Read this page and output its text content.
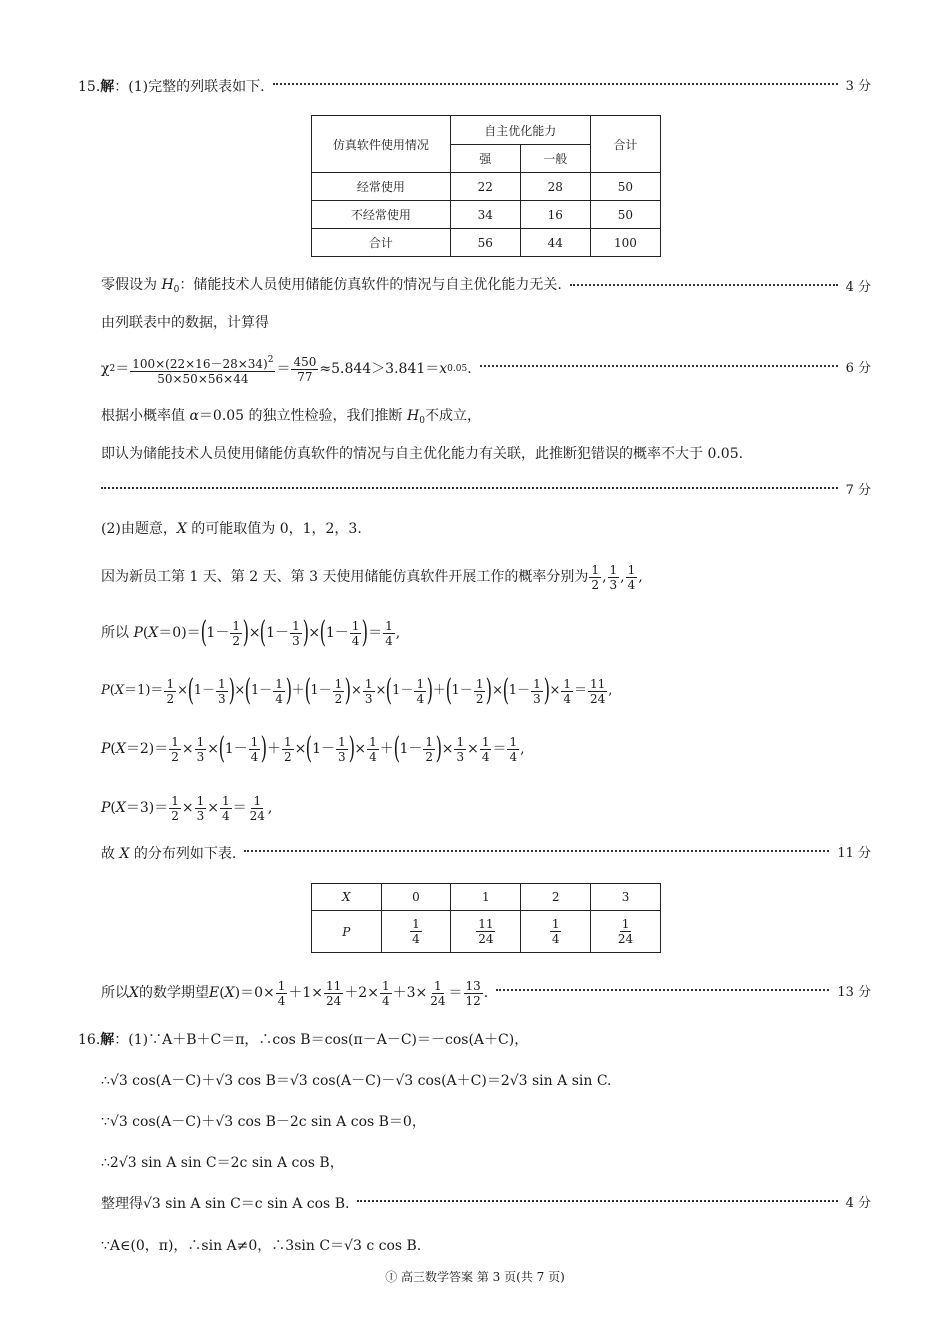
15. 解 ：(1)完整的列联表如下.	3 分
仿真软件使用情况	自主优化能力		合计
	强	一般	
经常使用	22	28	50
不经常使用	34	16	50
合计	56	44	100
零假设为 $H_0$：储能技术人员使用储能仿真软件的情况与自主优化能力无关.	4 分
由列联表中的数据，计算得
χ $2 = \frac{100\times(22\times 16-28\times 34)^2}{50\times 50\times 56\times 44} = \frac{450}{77} \approx 5.844>3.841= x$ 0.05 .	6 分
根据小概率值 α＝0.05 的独立性检验，我们推断 $H_0$不成立，
即认为储能技术人员使用储能仿真软件的情况与自主优化能力有关联，此推断犯错误的概率不大于 0.05.
7 分
(2)由题意，X 的可能取值为 0，1，2，3.
因为新员工第 1 天、第 2 天、第 3 天使用储能仿真软件开展工作的概率分别为 $\frac{1}{2}$ , $\frac{1}{3}$ , $\frac{1}{4}$ ,
所以 P ( X ＝0)＝ ( $1- \frac{1}{2}$ ) × ( $1- \frac{1}{3}$ ) × ( $1- \frac{1}{4}$ ) ＝ $\frac{1}{4}$ ,
P ( $X =1)= \frac{1}{2}$ × ( $1- \frac{1}{3}$ ) × ( $1- \frac{1}{4}$ ) ＋ ( $1- \frac{1}{2}$ ) × $\frac{1}{3}$ × ( $1- \frac{1}{4}$ ) ＋ ( $1- \frac{1}{2}$ ) × ( $1- \frac{1}{3}$ ) × $\frac{1}{4} = \frac{11}{24}$ ,
P ( $X =2)= \frac{1}{2} \times \frac{1}{3}$ × ( $1- \frac{1}{4}$ ) ＋ $\frac{1}{2}$ × ( $1- \frac{1}{3}$ ) × $\frac{1}{4}$ ＋ ( $1- \frac{1}{2}$ ) × $\frac{1}{3} \times \frac{1}{4} = \frac{1}{4}$ ,
P ( $X =3)= \frac{1}{2} \times \frac{1}{3} \times \frac{1}{4} = \frac{1}{24}$ ,
故 X 的分布列如下表.	11 分
X	0	1	2	3
P	$\frac{1}{4}$	$\frac{11}{24}$	$\frac{1}{4}$	$\frac{1}{24}$
所以 X 的数学期望 E ( X )$=0\times \frac{1}{4} +1\times \frac{11}{24} +2\times \frac{1}{4} +3\times \frac{1}{24} = \frac{13}{12}$ .	13 分
16.解：(1)∵A＋B＋C＝π，∴cos B＝cos(π－A－C)＝－cos(A＋C)，
∴√3 cos(A－C)＋√3 cos B＝√3 cos(A－C)－√3 cos(A＋C)＝2√3 sin A sin C.
∵√3 cos(A－C)＋√3 cos B－2c sin A cos B＝0，
∴2√3 sin A sin C＝2c sin A cos B，
整理得√3 sin A sin C＝c sin A cos B.	4 分
∵A∈(0，π)，∴sin A≠0，∴3sin C＝√3 c cos B.
Ⓘ 高三数学答案 第 3 页(共 7 页)
